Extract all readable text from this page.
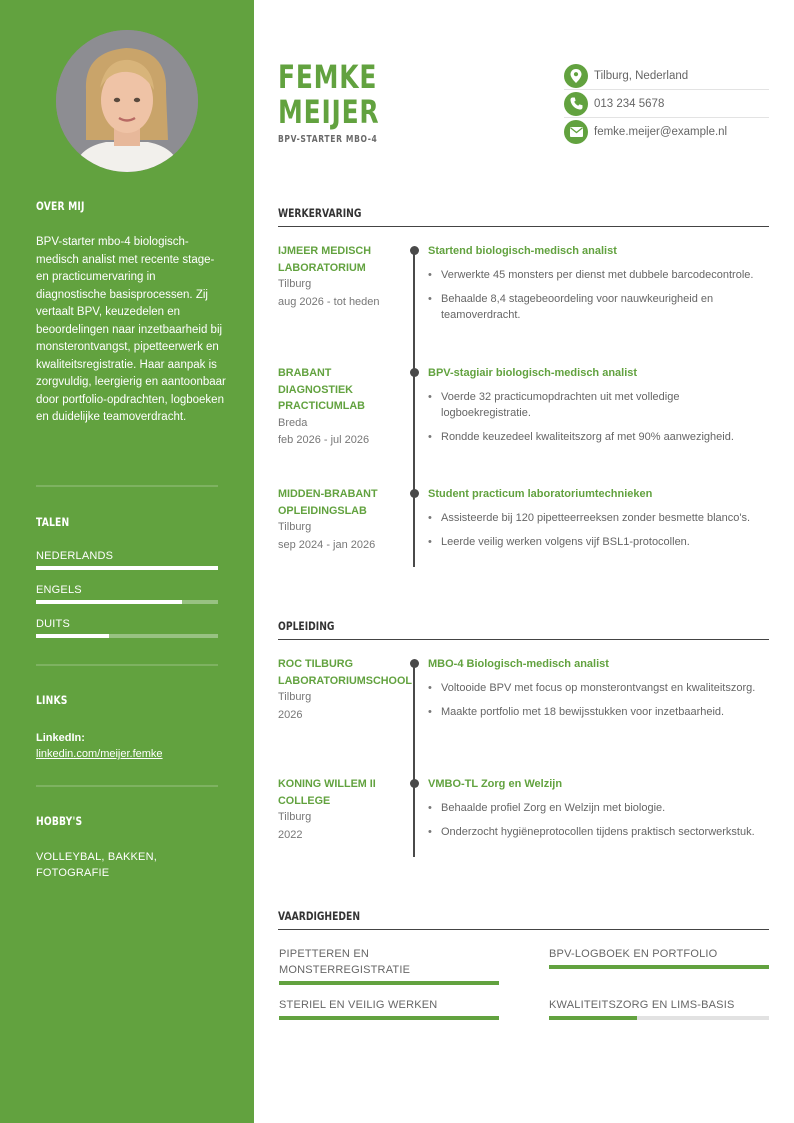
OVER MIJ
BPV-starter mbo-4 biologisch-medisch analist met recente stage- en practicumervaring in diagnostische basisprocessen. Zij vertaalt BPV, keuzedelen en beoordelingen naar inzetbaarheid bij monsterontvangst, pipetteerwerk en kwaliteitsregistratie. Haar aanpak is zorgvuldig, leergierig en aantoonbaar door portfolio-opdrachten, logboeken en duidelijke teamoverdracht.
TALEN
NEDERLANDS
ENGELS
DUITS
LINKS
LinkedIn:
linkedin.com/meijer.femke
HOBBY'S
VOLLEYBAL, BAKKEN, FOTOGRAFIE
FEMKE
MEIJER
BPV-STARTER MBO-4
Tilburg, Nederland
013 234 5678
femke.meijer@example.nl
WERKERVARING
IJMEER MEDISCH LABORATORIUM
Tilburg
aug 2026 - tot heden
Startend biologisch-medisch analist
• Verwerkte 45 monsters per dienst met dubbele barcodecontrole.
• Behaalde 8,4 stagebeoordeling voor nauwkeurigheid en teamoverdracht.
BRABANT DIAGNOSTIEK PRACTICUMLAB
Breda
feb 2026 - jul 2026
BPV-stagiair biologisch-medisch analist
• Voerde 32 practicumopdrachten uit met volledige logboekregistratie.
• Rondde keuzedeel kwaliteitszorg af met 90% aanwezigheid.
MIDDEN-BRABANT OPLEIDINGSLAB
Tilburg
sep 2024 - jan 2026
Student practicum laboratoriumtechnieken
• Assisteerde bij 120 pipetteerreeksen zonder besmette blanco's.
• Leerde veilig werken volgens vijf BSL1-protocollen.
OPLEIDING
ROC TILBURG LABORATORIUMSCHOOL
Tilburg
2026
MBO-4 Biologisch-medisch analist
• Voltooide BPV met focus op monsterontvangst en kwaliteitszorg.
• Maakte portfolio met 18 bewijsstukken voor inzetbaarheid.
KONING WILLEM II COLLEGE
Tilburg
2022
VMBO-TL Zorg en Welzijn
• Behaalde profiel Zorg en Welzijn met biologie.
• Onderzocht hygiëneprotocollen tijdens praktisch sectorwerkstuk.
VAARDIGHEDEN
PIPETTEREN EN MONSTERREGISTRATIE
BPV-LOGBOEK EN PORTFOLIO
STERIEL EN VEILIG WERKEN	KWALITEITSZORG EN LIMS-BASIS
